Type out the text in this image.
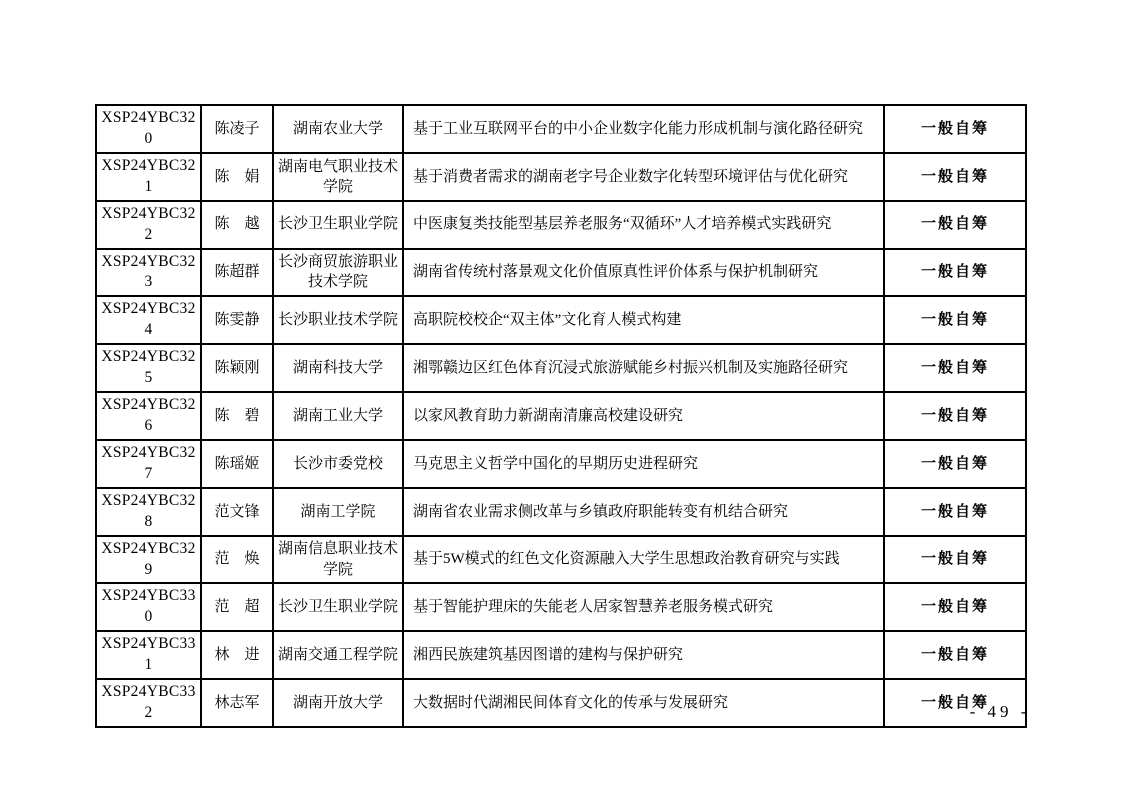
XSP24YBC320	陈凌子	湖南农业大学	基于工业互联网平台的中小企业数字化能力形成机制与演化路径研究	一般自筹
XSP24YBC321	陈　娟	湖南电气职业技术学院	基于消费者需求的湖南老字号企业数字化转型环境评估与优化研究	一般自筹
XSP24YBC322	陈　越	长沙卫生职业学院	中医康复类技能型基层养老服务“双循环”人才培养模式实践研究	一般自筹
XSP24YBC323	陈超群	长沙商贸旅游职业技术学院	湖南省传统村落景观文化价值原真性评价体系与保护机制研究	一般自筹
XSP24YBC324	陈雯静	长沙职业技术学院	高职院校校企“双主体”文化育人模式构建	一般自筹
XSP24YBC325	陈颖刚	湖南科技大学	湘鄂赣边区红色体育沉浸式旅游赋能乡村振兴机制及实施路径研究	一般自筹
XSP24YBC326	陈　碧	湖南工业大学	以家风教育助力新湖南清廉高校建设研究	一般自筹
XSP24YBC327	陈瑶姬	长沙市委党校	马克思主义哲学中国化的早期历史进程研究	一般自筹
XSP24YBC328	范文锋	湖南工学院	湖南省农业需求侧改革与乡镇政府职能转变有机结合研究	一般自筹
XSP24YBC329	范　焕	湖南信息职业技术学院	基于5W模式的红色文化资源融入大学生思想政治教育研究与实践	一般自筹
XSP24YBC330	范　超	长沙卫生职业学院	基于智能护理床的失能老人居家智慧养老服务模式研究	一般自筹
XSP24YBC331	林　进	湖南交通工程学院	湘西民族建筑基因图谱的建构与保护研究	一般自筹
XSP24YBC332	林志军	湖南开放大学	大数据时代湖湘民间体育文化的传承与发展研究	一般自筹
- 49 -
